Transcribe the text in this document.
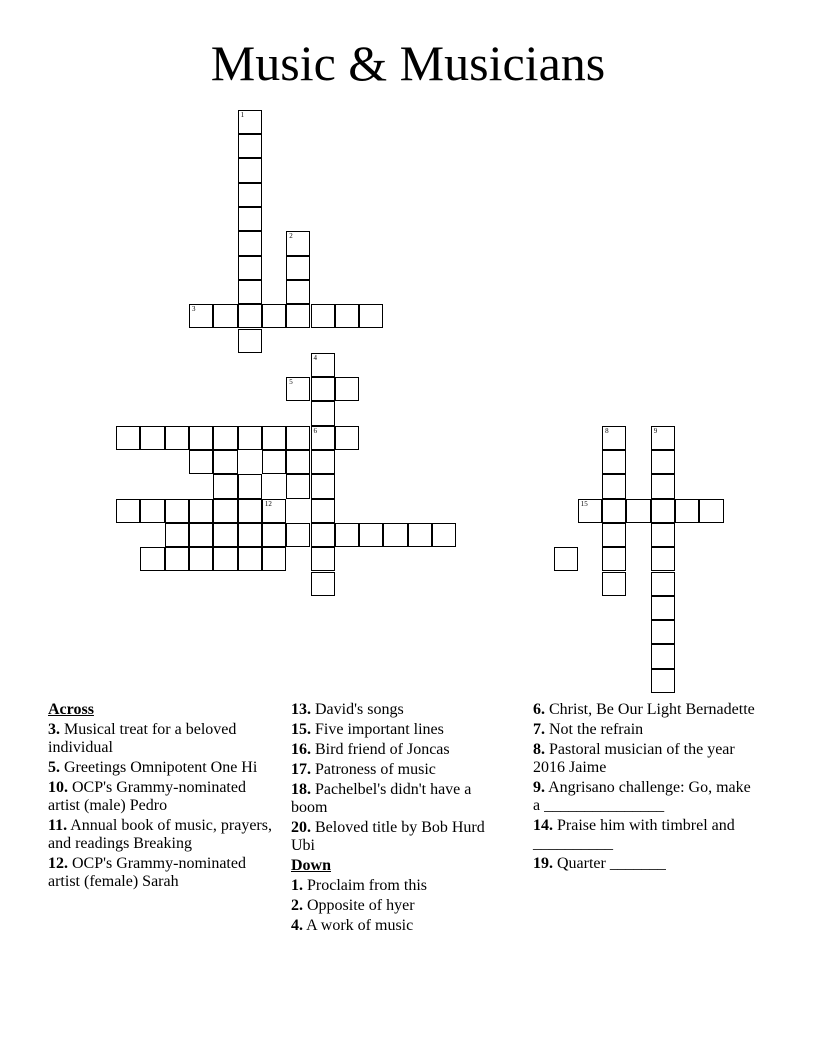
Music & Musicians
1
2
3
4
6
5
12
8	9
15
Across
3. Musical treat for a beloved individual
5. Greetings Omnipotent One Hi
10. OCP's Grammy-nominated artist (male) Pedro
11. Annual book of music, prayers, and readings Breaking
12. OCP's Grammy-nominated artist (female) Sarah
13. David's songs
15. Five important lines
16. Bird friend of Joncas
17. Patroness of music
18. Pachelbel's didn't have a boom
20. Beloved title by Bob Hurd Ubi
Down
1. Proclaim from this
2. Opposite of hyer
4. A work of music
6. Christ, Be Our Light Bernadette
7. Not the refrain
8. Pastoral musician of the year 2016 Jaime
9. Angrisano challenge: Go, make a _______________
14. Praise him with timbrel and __________
19. Quarter _______
